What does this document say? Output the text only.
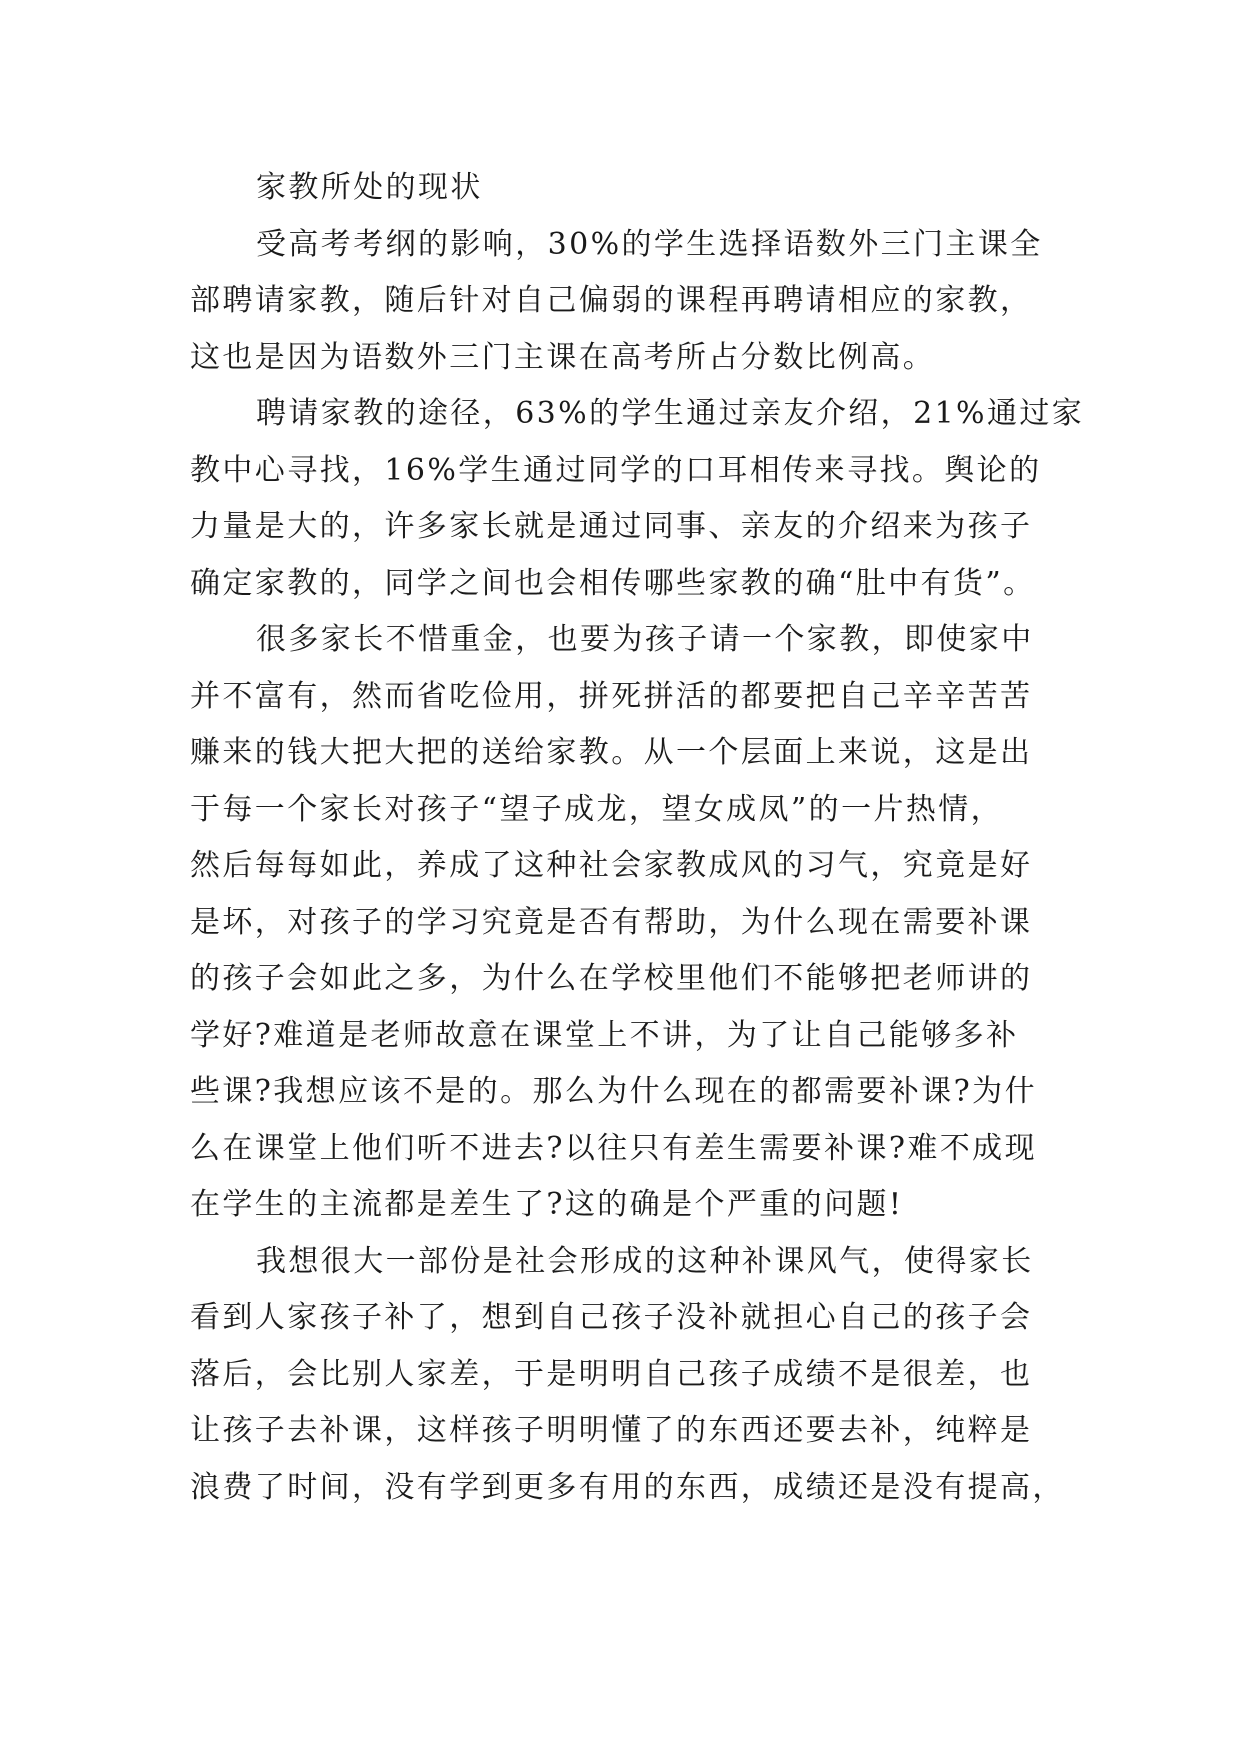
家教所处的现状
受高考考纲的影响，30%的学生选择语数外三门主课全
部聘请家教，随后针对自己偏弱的课程再聘请相应的家教，
这也是因为语数外三门主课在高考所占分数比例高。
聘请家教的途径，63%的学生通过亲友介绍，21%通过家
教中心寻找，16%学生通过同学的口耳相传来寻找。舆论的
力量是大的，许多家长就是通过同事、亲友的介绍来为孩子
确定家教的，同学之间也会相传哪些家教的确“肚中有货”。
很多家长不惜重金，也要为孩子请一个家教，即使家中
并不富有，然而省吃俭用，拼死拼活的都要把自己辛辛苦苦
赚来的钱大把大把的送给家教。从一个层面上来说，这是出
于每一个家长对孩子“望子成龙，望女成凤”的一片热情，
然后每每如此，养成了这种社会家教成风的习气，究竟是好
是坏，对孩子的学习究竟是否有帮助，为什么现在需要补课
的孩子会如此之多，为什么在学校里他们不能够把老师讲的
学好?难道是老师故意在课堂上不讲，为了让自己能够多补
些课?我想应该不是的。那么为什么现在的都需要补课?为什
么在课堂上他们听不进去?以往只有差生需要补课?难不成现
在学生的主流都是差生了?这的确是个严重的问题!
我想很大一部份是社会形成的这种补课风气，使得家长
看到人家孩子补了，想到自己孩子没补就担心自己的孩子会
落后，会比别人家差，于是明明自己孩子成绩不是很差，也
让孩子去补课，这样孩子明明懂了的东西还要去补，纯粹是
浪费了时间，没有学到更多有用的东西，成绩还是没有提高，
